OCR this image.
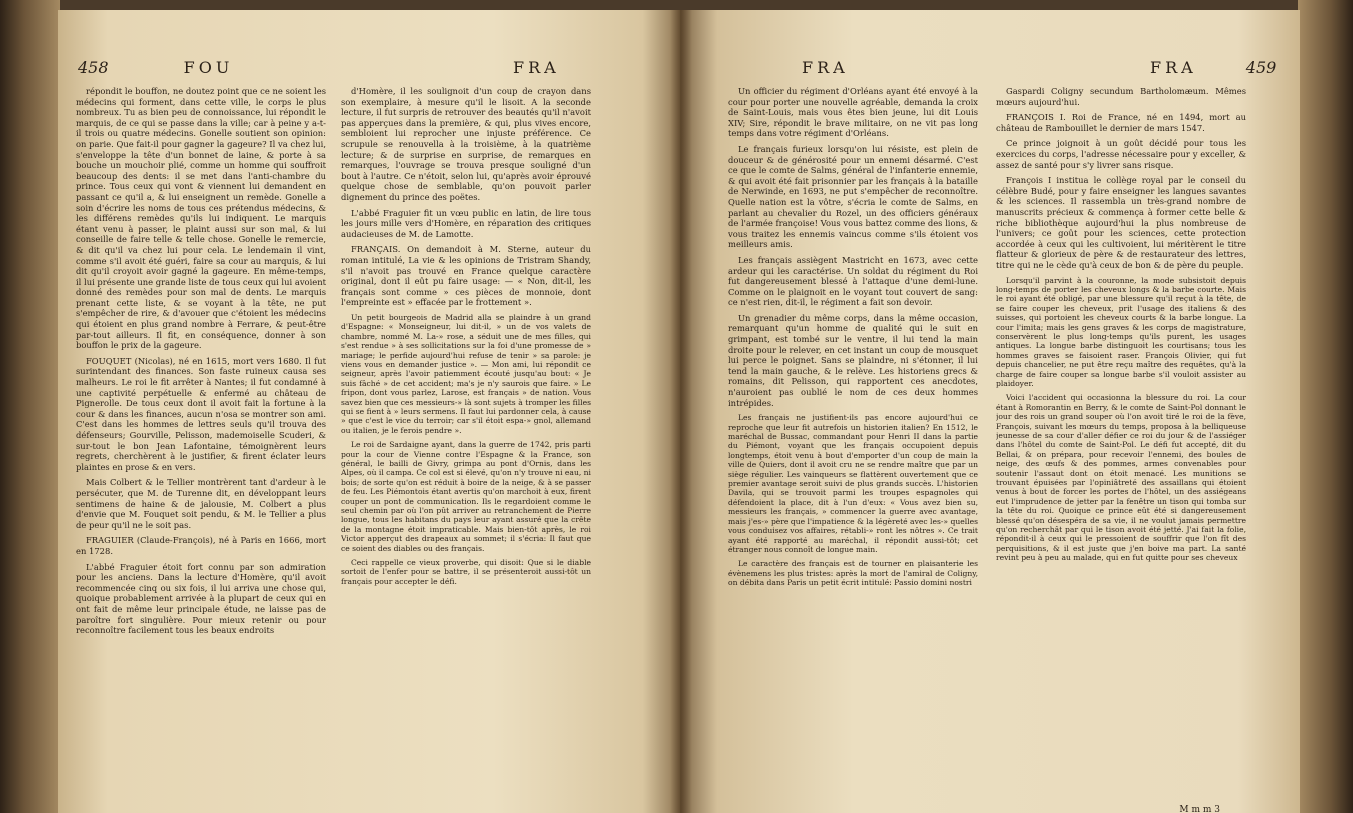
458	FOU	FRA

répondit le bouffon, ne doutez point que ce ne soient les médecins qui forment, dans cette ville, le corps le plus nombreux. Tu as bien peu de connoissance, lui répondit le marquis, de ce qui se passe dans la ville; car à peine y a-t-il trois ou quatre médecins. Gonelle soutient son opinion: on parie. Que fait-il pour gagner la gageure? Il va chez lui, s'enveloppe la tête d'un bonnet de laine, & porte à sa bouche un mouchoir plié, comme un homme qui souffroit beaucoup des dents: il se met dans l'anti-chambre du prince. Tous ceux qui vont & viennent lui demandent en passant ce qu'il a, & lui enseignent un remède. Gonelle a soin d'écrire les noms de tous ces prétendus médecins, & les différens remèdes qu'ils lui indiquent. Le marquis étant venu à passer, le plaint aussi sur son mal, & lui conseille de faire telle & telle chose. Gonelle le remercie, & dit qu'il va chez lui pour cela. Le lendemain il vint, comme s'il avoit été guéri, faire sa cour au marquis, & lui dit qu'il croyoit avoir gagné la gageure. En même-temps, il lui présente une grande liste de tous ceux qui lui avoient donné des remèdes pour son mal de dents. Le marquis prenant cette liste, & se voyant à la tête, ne put s'empêcher de rire, & d'avouer que c'étoient les médecins qui étoient en plus grand nombre à Ferrare, & peut-être par-tout ailleurs. Il fit, en conséquence, donner à son bouffon le prix de la gageure.

FOUQUET (Nicolas), né en 1615, mort vers 1680. Il fut surintendant des finances. Son faste ruineux causa ses malheurs. Le roi le fit arrêter à Nantes; il fut condamné à une captivité perpétuelle & enfermé au château de Pignerolle. De tous ceux dont il avoit fait la fortune à la cour & dans les finances, aucun n'osa se montrer son ami. C'est dans les hommes de lettres seuls qu'il trouva des défenseurs; Gourville, Pelisson, mademoiselle Scuderi, & sur-tout le bon Jean Lafontaine, témoignèrent leurs regrets, cherchèrent à le justifier, & firent éclater leurs plaintes en prose & en vers.

Mais Colbert & le Tellier montrèrent tant d'ardeur à le persécuter, que M. de Turenne dit, en développant leurs sentimens de haine & de jalousie, M. Colbert a plus d'envie que M. Fouquet soit pendu, & M. le Tellier a plus de peur qu'il ne le soit pas.

FRAGUIER (Claude-François), né à Paris en 1666, mort en 1728.

L'abbé Fraguier étoit fort connu par son admiration pour les anciens. Dans la lecture d'Homère, qu'il avoit recommencée cinq ou six fois, il lui arriva une chose qui, quoique probablement arrivée à la plupart de ceux qui en ont fait de même leur principale étude, ne laisse pas de paroître fort singulière. Pour mieux retenir ou pour reconnoître facilement tous les beaux endroits

d'Homère, il les soulignoit d'un coup de crayon dans son exemplaire, à mesure qu'il le lisoit. A la seconde lecture, il fut surpris de retrouver des beautés qu'il n'avoit pas apperçues dans la première, & qui, plus vives encore, sembloient lui reprocher une injuste préférence. Ce scrupule se renouvella à la troisième, à la quatrième lecture; & de surprise en surprise, de remarques en remarques, l'ouvrage se trouva presque souligné d'un bout à l'autre. Ce n'étoit, selon lui, qu'après avoir éprouvé quelque chose de semblable, qu'on pouvoit parler dignement du prince des poëtes.

L'abbé Fraguier fit un vœu public en latin, de lire tous les jours mille vers d'Homère, en réparation des critiques audacieuses de M. de Lamotte.

FRANÇAIS. On demandoit à M. Sterne, auteur du roman intitulé, La vie & les opinions de Tristram Shandy, s'il n'avoit pas trouvé en France quelque caractère original, dont il eût pu faire usage: — « Non, dit-il, les français sont comme » ces pièces de monnoie, dont l'empreinte est » effacée par le frottement ».

Un petit bourgeois de Madrid alla se plaindre à un grand d'Espagne: « Monseigneur, lui dit-il, » un de vos valets de chambre, nommé M. La-» rose, a séduit une de mes filles, qui s'est rendue » à ses sollicitations sur la foi d'une promesse de » mariage; le perfide aujourd'hui refuse de tenir » sa parole: je viens vous en demander justice ». — Mon ami, lui répondit ce seigneur, après l'avoir patiemment écouté jusqu'au bout: « Je suis fâché » de cet accident; ma's je n'y saurois que faire. » Le fripon, dont vous parlez, Larose, est français » de nation. Vous savez bien que ces messieurs-» là sont sujets à tromper les filles qui se fient à » leurs sermens. Il faut lui pardonner cela, à cause » que c'est le vice du terroir; car s'il étoit espa-» gnol, allemand ou italien, je le ferois pendre ».

Le roi de Sardaigne ayant, dans la guerre de 1742, pris parti pour la cour de Vienne contre l'Espagne & la France, son général, le bailli de Givry, grimpa au pont d'Ornis, dans les Alpes, où il campa. Ce col est si élevé, qu'on n'y trouve ni eau, ni bois; de sorte qu'on est réduit à boire de la neige, & à se passer de feu. Les Piémontois étant avertis qu'on marchoit à eux, firent couper un pont de communication. Ils le regardoient comme le seul chemin par où l'on pût arriver au retranchement de Pierre longue, tous les habitans du pays leur ayant assuré que la crête de la montagne étoit impraticable. Mais bien-tôt après, le roi Victor apperçut des drapeaux au sommet; il s'écria: Il faut que ce soient des diables ou des français.

Ceci rappelle ce vieux proverbe, qui disoit: Que si le diable sortoit de l'enfer pour se battre, il se présenteroit aussi-tôt un français pour accepter le défi.

FRA	FRA	459

Un officier du régiment d'Orléans ayant été envoyé à la cour pour porter une nouvelle agréable, demanda la croix de Saint-Louis, mais vous êtes bien jeune, lui dit Louis XIV; Sire, répondit le brave militaire, on ne vit pas long temps dans votre régiment d'Orléans.

Le français furieux lorsqu'on lui résiste, est plein de douceur & de générosité pour un ennemi désarmé. C'est ce que le comte de Salms, général de l'infanterie ennemie, & qui avoit été fait prisonnier par les français à la bataille de Nerwinde, en 1693, ne put s'empêcher de reconnoître. Quelle nation est la vôtre, s'écria le comte de Salms, en parlant au chevalier du Rozel, un des officiers généraux de l'armée françoise! Vous vous battez comme des lions, & vous traitez les ennemis vaincus comme s'ils étoient vos meilleurs amis.

Les français assiègent Mastricht en 1673, avec cette ardeur qui les caractérise. Un soldat du régiment du Roi fut dangereusement blessé à l'attaque d'une demi-lune. Comme on le plaignoit en le voyant tout couvert de sang: ce n'est rien, dit-il, le régiment a fait son devoir.

Un grenadier du même corps, dans la même occasion, remarquant qu'un homme de qualité qui le suit en grimpant, est tombé sur le ventre, il lui tend la main droite pour le relever, en cet instant un coup de mousquet lui perce le poignet. Sans se plaindre, ni s'étonner, il lui tend la main gauche, & le relève. Les historiens grecs & romains, dit Pelisson, qui rapportent ces anecdotes, n'auroient pas oublié le nom de ces deux hommes intrépides.

Les français ne justifient-ils pas encore aujourd'hui ce reproche que leur fit autrefois un historien italien? En 1512, le maréchal de Bussac, commandant pour Henri II dans la partie du Piémont, voyant que les français occupoient depuis longtemps, étoit venu à bout d'emporter d'un coup de main la ville de Quiers, dont il avoit cru ne se rendre maître que par un siège régulier. Les vainqueurs se flattèrent ouvertement que ce premier avantage seroit suivi de plus grands succès. L'historien Davila, qui se trouvoit parmi les troupes espagnoles qui défendoient la place, dit à l'un d'eux: « Vous avez bien su, messieurs les français, » commencer la guerre avec avantage, mais j'es-» père que l'impatience & la légèreté avec les-» quelles vous conduisez vos affaires, rétabli-» ront les nôtres ». Ce trait ayant été rapporté au maréchal, il répondit aussi-tôt; cet étranger nous connoît de longue main.

Le caractère des français est de tourner en plaisanterie les évènemens les plus tristes: après la mort de l'amiral de Coligny, on débita dans Paris un petit écrit intitulé: Passio domini nostri

Gaspardi Coligny secundum Bartholomæum. Mêmes mœurs aujourd'hui.

FRANÇOIS I. Roi de France, né en 1494, mort au château de Rambouillet le dernier de mars 1547.

Ce prince joignoit à un goût décidé pour tous les exercices du corps, l'adresse nécessaire pour y exceller, & assez de santé pour s'y livrer sans risque.

François I institua le collège royal par le conseil du célèbre Budé, pour y faire enseigner les langues savantes & les sciences. Il rassembla un très-grand nombre de manuscrits précieux & commença à former cette belle & riche bibliothèque aujourd'hui la plus nombreuse de l'univers; ce goût pour les sciences, cette protection accordée à ceux qui les cultivoient, lui méritèrent le titre flatteur & glorieux de père & de restaurateur des lettres, titre qui ne le cède qu'à ceux de bon & de père du peuple.

Lorsqu'il parvint à la couronne, la mode subsistoit depuis long-temps de porter les cheveux longs & la barbe courte. Mais le roi ayant été obligé, par une blessure qu'il reçut à la tête, de se faire couper les cheveux, prit l'usage des italiens & des suisses, qui portoient les cheveux courts & la barbe longue. La cour l'imita; mais les gens graves & les corps de magistrature, conservèrent le plus long-temps qu'ils purent, les usages antiques. La longue barbe distinguoit les courtisans; tous les hommes graves se faisoient raser. François Olivier, qui fut depuis chancelier, ne put être reçu maître des requêtes, qu'à la charge de faire couper sa longue barbe s'il vouloit assister au plaidoyer.

Voici l'accident qui occasionna la blessure du roi. La cour étant à Romorantin en Berry, & le comte de Saint-Pol donnant le jour des rois un grand souper où l'on avoit tiré le roi de la fève, François, suivant les mœurs du temps, proposa à la belliqueuse jeunesse de sa cour d'aller défier ce roi du jour & de l'assiéger dans l'hôtel du comte de Saint-Pol. Le défi fut accepté, dit du Bellai, & on prépara, pour recevoir l'ennemi, des boules de neige, des œufs & des pommes, armes convenables pour soutenir l'assaut dont on étoit menacé. Les munitions se trouvant épuisées par l'opiniâtreté des assaillans qui étoient venus à bout de forcer les portes de l'hôtel, un des assiégeans eut l'imprudence de jetter par la fenêtre un tison qui tomba sur la tête du roi. Quoique ce prince eût été si dangereusement blessé qu'on désespéra de sa vie, il ne voulut jamais permettre qu'on recherchât par qui le tison avoit été jetté. J'ai fait la folie, répondit-il à ceux qui le pressoient de souffrir que l'on fît des perquisitions, & il est juste que j'en boive ma part. La santé revint peu à peu au malade, qui en fut quitte pour ses cheveux

M m m 3
